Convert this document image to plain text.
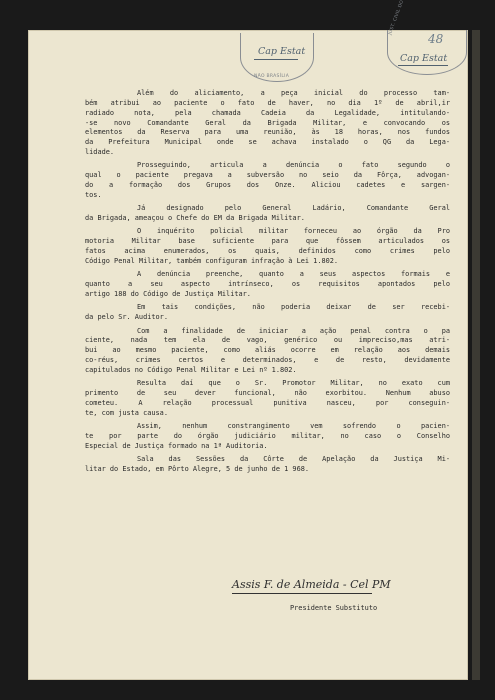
NÃO BRASÍLIA
Cap Estat
48
Cap Estat
Além do aliciamento, a peça inicial do processo tam-
bém atribui ao paciente o fato de haver, no dia 1º de abril,ir
radiado nota, pela chamada Cadeia da Legalidade, intitulando-
-se novo Comandante Geral da Brigada Militar, e convocando os
elementos da Reserva para uma reunião, às 18 horas, nos fundos
da Prefeitura Municipal onde se achava instalado o QG da Lega-
lidade.
Prosseguindo, articula a denúncia o fato segundo o
qual o paciente pregava a subversão no seio da Fôrça, advogan-
do a formação dos Grupos dos Onze. Aliciou cadetes e sargen-
tos.
Já designado pelo General Ladário, Comandante Geral
da Brigada, ameaçou o Chefe do EM da Brigada Militar.
O inquérito policial militar forneceu ao órgão da Pro
motoria Militar base suficiente para que fôssem articulados os
fatos acima enumerados, os quais, definidos como crimes pelo
Código Penal Militar, também configuram infração à Lei 1.802.
A denúncia preenche, quanto a seus aspectos formais e
quanto a seu aspecto intrínseco, os requisitos apontados pelo
artigo 188 do Código de Justiça Militar.
Em tais condições, não poderia deixar de ser recebi-
da pelo Sr. Auditor.
Com a finalidade de iniciar a ação penal contra o pa
ciente, nada tem ela de vago, genérico ou impreciso,mas atri-
bui ao mesmo paciente, como aliás ocorre em relação aos demais
co-réus, crimes certos e determinados, e de resto, devidamente
capitulados no Código Penal Militar e Lei nº 1.802.
Resulta daí que o Sr. Promotor Militar, no exato cum
primento de seu dever funcional, não exorbitou. Nenhum abuso
cometeu. A relação processual punitiva nasceu, por conseguin-
te, com justa causa.
Assim, nenhum constrangimento vem sofrendo o pacien-
te por parte do órgão judiciário militar, no caso o Conselho
Especial de Justiça formado na 1ª Auditoria.
Sala das Sessões da Côrte de Apelação da Justiça Mi-
litar do Estado, em Pôrto Alegre, 5 de junho de 1 968.
Assis F. de Almeida - Cel PM
Presidente Substituto
